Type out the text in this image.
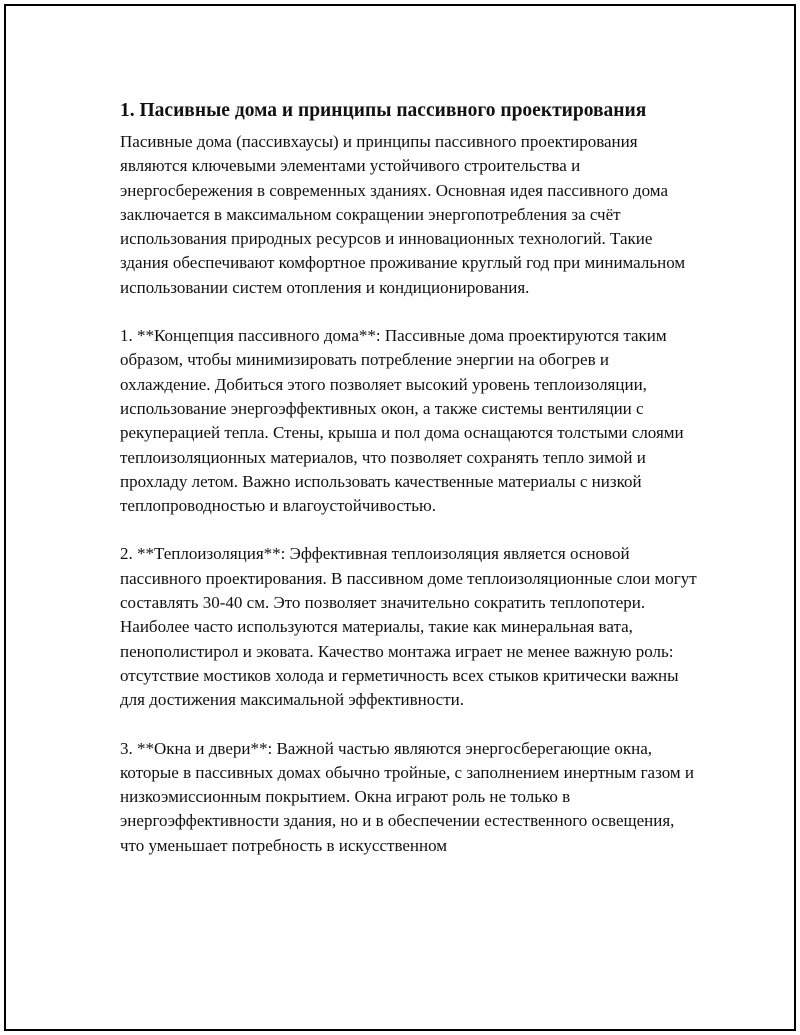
1. Пасивные дома и принципы пассивного проектирования

Пасивные дома (пассивхаусы) и принципы пассивного проектирования являются ключевыми элементами устойчивого строительства и энергосбережения в современных зданиях. Основная идея пассивного дома заключается в максимальном сокращении энергопотребления за счёт использования природных ресурсов и инновационных технологий. Такие здания обеспечивают комфортное проживание круглый год при минимальном использовании систем отопления и кондиционирования.

1. **Концепция пассивного дома**: Пассивные дома проектируются таким образом, чтобы минимизировать потребление энергии на обогрев и охлаждение. Добиться этого позволяет высокий уровень теплоизоляции, использование энергоэффективных окон, а также системы вентиляции с рекуперацией тепла. Стены, крыша и пол дома оснащаются толстыми слоями теплоизоляционных материалов, что позволяет сохранять тепло зимой и прохладу летом. Важно использовать качественные материалы с низкой теплопроводностью и влагоустойчивостью.

2. **Теплоизоляция**: Эффективная теплоизоляция является основой пассивного проектирования. В пассивном доме теплоизоляционные слои могут составлять 30-40 см. Это позволяет значительно сократить теплопотери. Наиболее часто используются материалы, такие как минеральная вата, пенополистирол и эковата. Качество монтажа играет не менее важную роль: отсутствие мостиков холода и герметичность всех стыков критически важны для достижения максимальной эффективности.

3. **Окна и двери**: Важной частью являются энергосберегающие окна, которые в пассивных домах обычно тройные, с заполнением инертным газом и низкоэмиссионным покрытием. Окна играют роль не только в энергоэффективности здания, но и в обеспечении естественного освещения, что уменьшает потребность в искусственном
